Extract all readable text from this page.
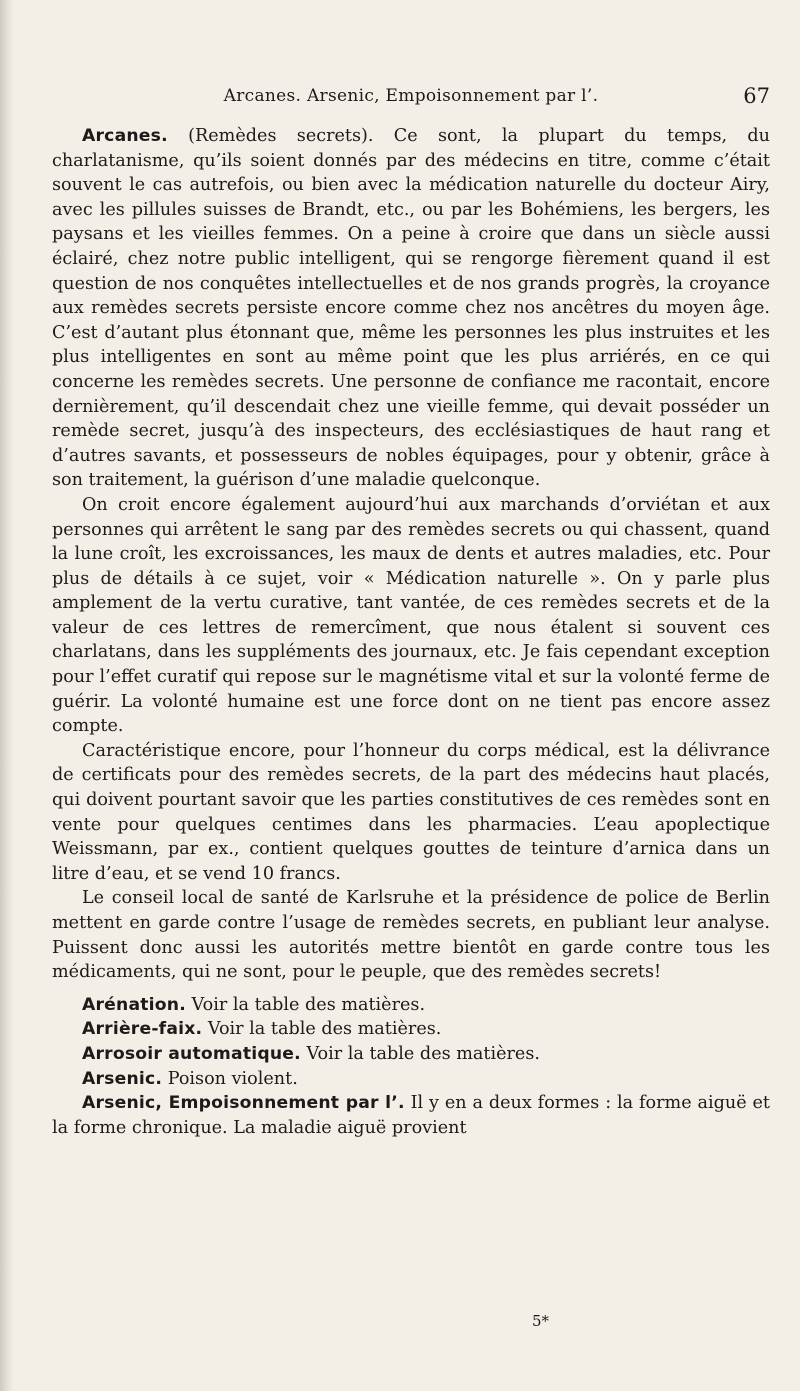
Arcanes. Arsenic, Empoisonnement par l’.	67

Arcanes. (Remèdes secrets). Ce sont, la plupart du temps, du charlatanisme, qu’ils soient donnés par des médecins en titre, comme c’était souvent le cas autrefois, ou bien avec la médication naturelle du docteur Airy, avec les pillules suisses de Brandt, etc., ou par les Bohémiens, les bergers, les paysans et les vieilles femmes. On a peine à croire que dans un siècle aussi éclairé, chez notre public intelligent, qui se rengorge fièrement quand il est question de nos conquêtes intellectuelles et de nos grands progrès, la croyance aux remèdes secrets persiste encore comme chez nos ancêtres du moyen âge. C’est d’autant plus étonnant que, même les personnes les plus instruites et les plus intelligentes en sont au même point que les plus arriérés, en ce qui concerne les remèdes secrets. Une personne de confiance me racontait, encore dernièrement, qu’il descendait chez une vieille femme, qui devait posséder un remède secret, jusqu’à des inspecteurs, des ecclésiastiques de haut rang et d’autres savants, et possesseurs de nobles équipages, pour y obtenir, grâce à son traitement, la guérison d’une maladie quelconque.

On croit encore également aujourd’hui aux marchands d’orviétan et aux personnes qui arrêtent le sang par des remèdes secrets ou qui chassent, quand la lune croît, les excroissances, les maux de dents et autres maladies, etc. Pour plus de détails à ce sujet, voir « Médication naturelle ». On y parle plus amplement de la vertu curative, tant vantée, de ces remèdes secrets et de la valeur de ces lettres de remercîment, que nous étalent si souvent ces charlatans, dans les suppléments des journaux, etc. Je fais cependant exception pour l’effet curatif qui repose sur le magnétisme vital et sur la volonté ferme de guérir. La volonté humaine est une force dont on ne tient pas encore assez compte.

Caractéristique encore, pour l’honneur du corps médical, est la délivrance de certificats pour des remèdes secrets, de la part des médecins haut placés, qui doivent pourtant savoir que les parties constitutives de ces remèdes sont en vente pour quelques centimes dans les pharmacies. L’eau apoplectique Weissmann, par ex., contient quelques gouttes de teinture d’arnica dans un litre d’eau, et se vend 10 francs.

Le conseil local de santé de Karlsruhe et la présidence de police de Berlin mettent en garde contre l’usage de remèdes secrets, en publiant leur analyse. Puissent donc aussi les autorités mettre bientôt en garde contre tous les médicaments, qui ne sont, pour le peuple, que des remèdes secrets!

Arénation. Voir la table des matières.

Arrière-faix. Voir la table des matières.

Arrosoir automatique. Voir la table des matières.

Arsenic. Poison violent.

Arsenic, Empoisonnement par l’. Il y en a deux formes : la forme aiguë et la forme chronique. La maladie aiguë provient

5*
